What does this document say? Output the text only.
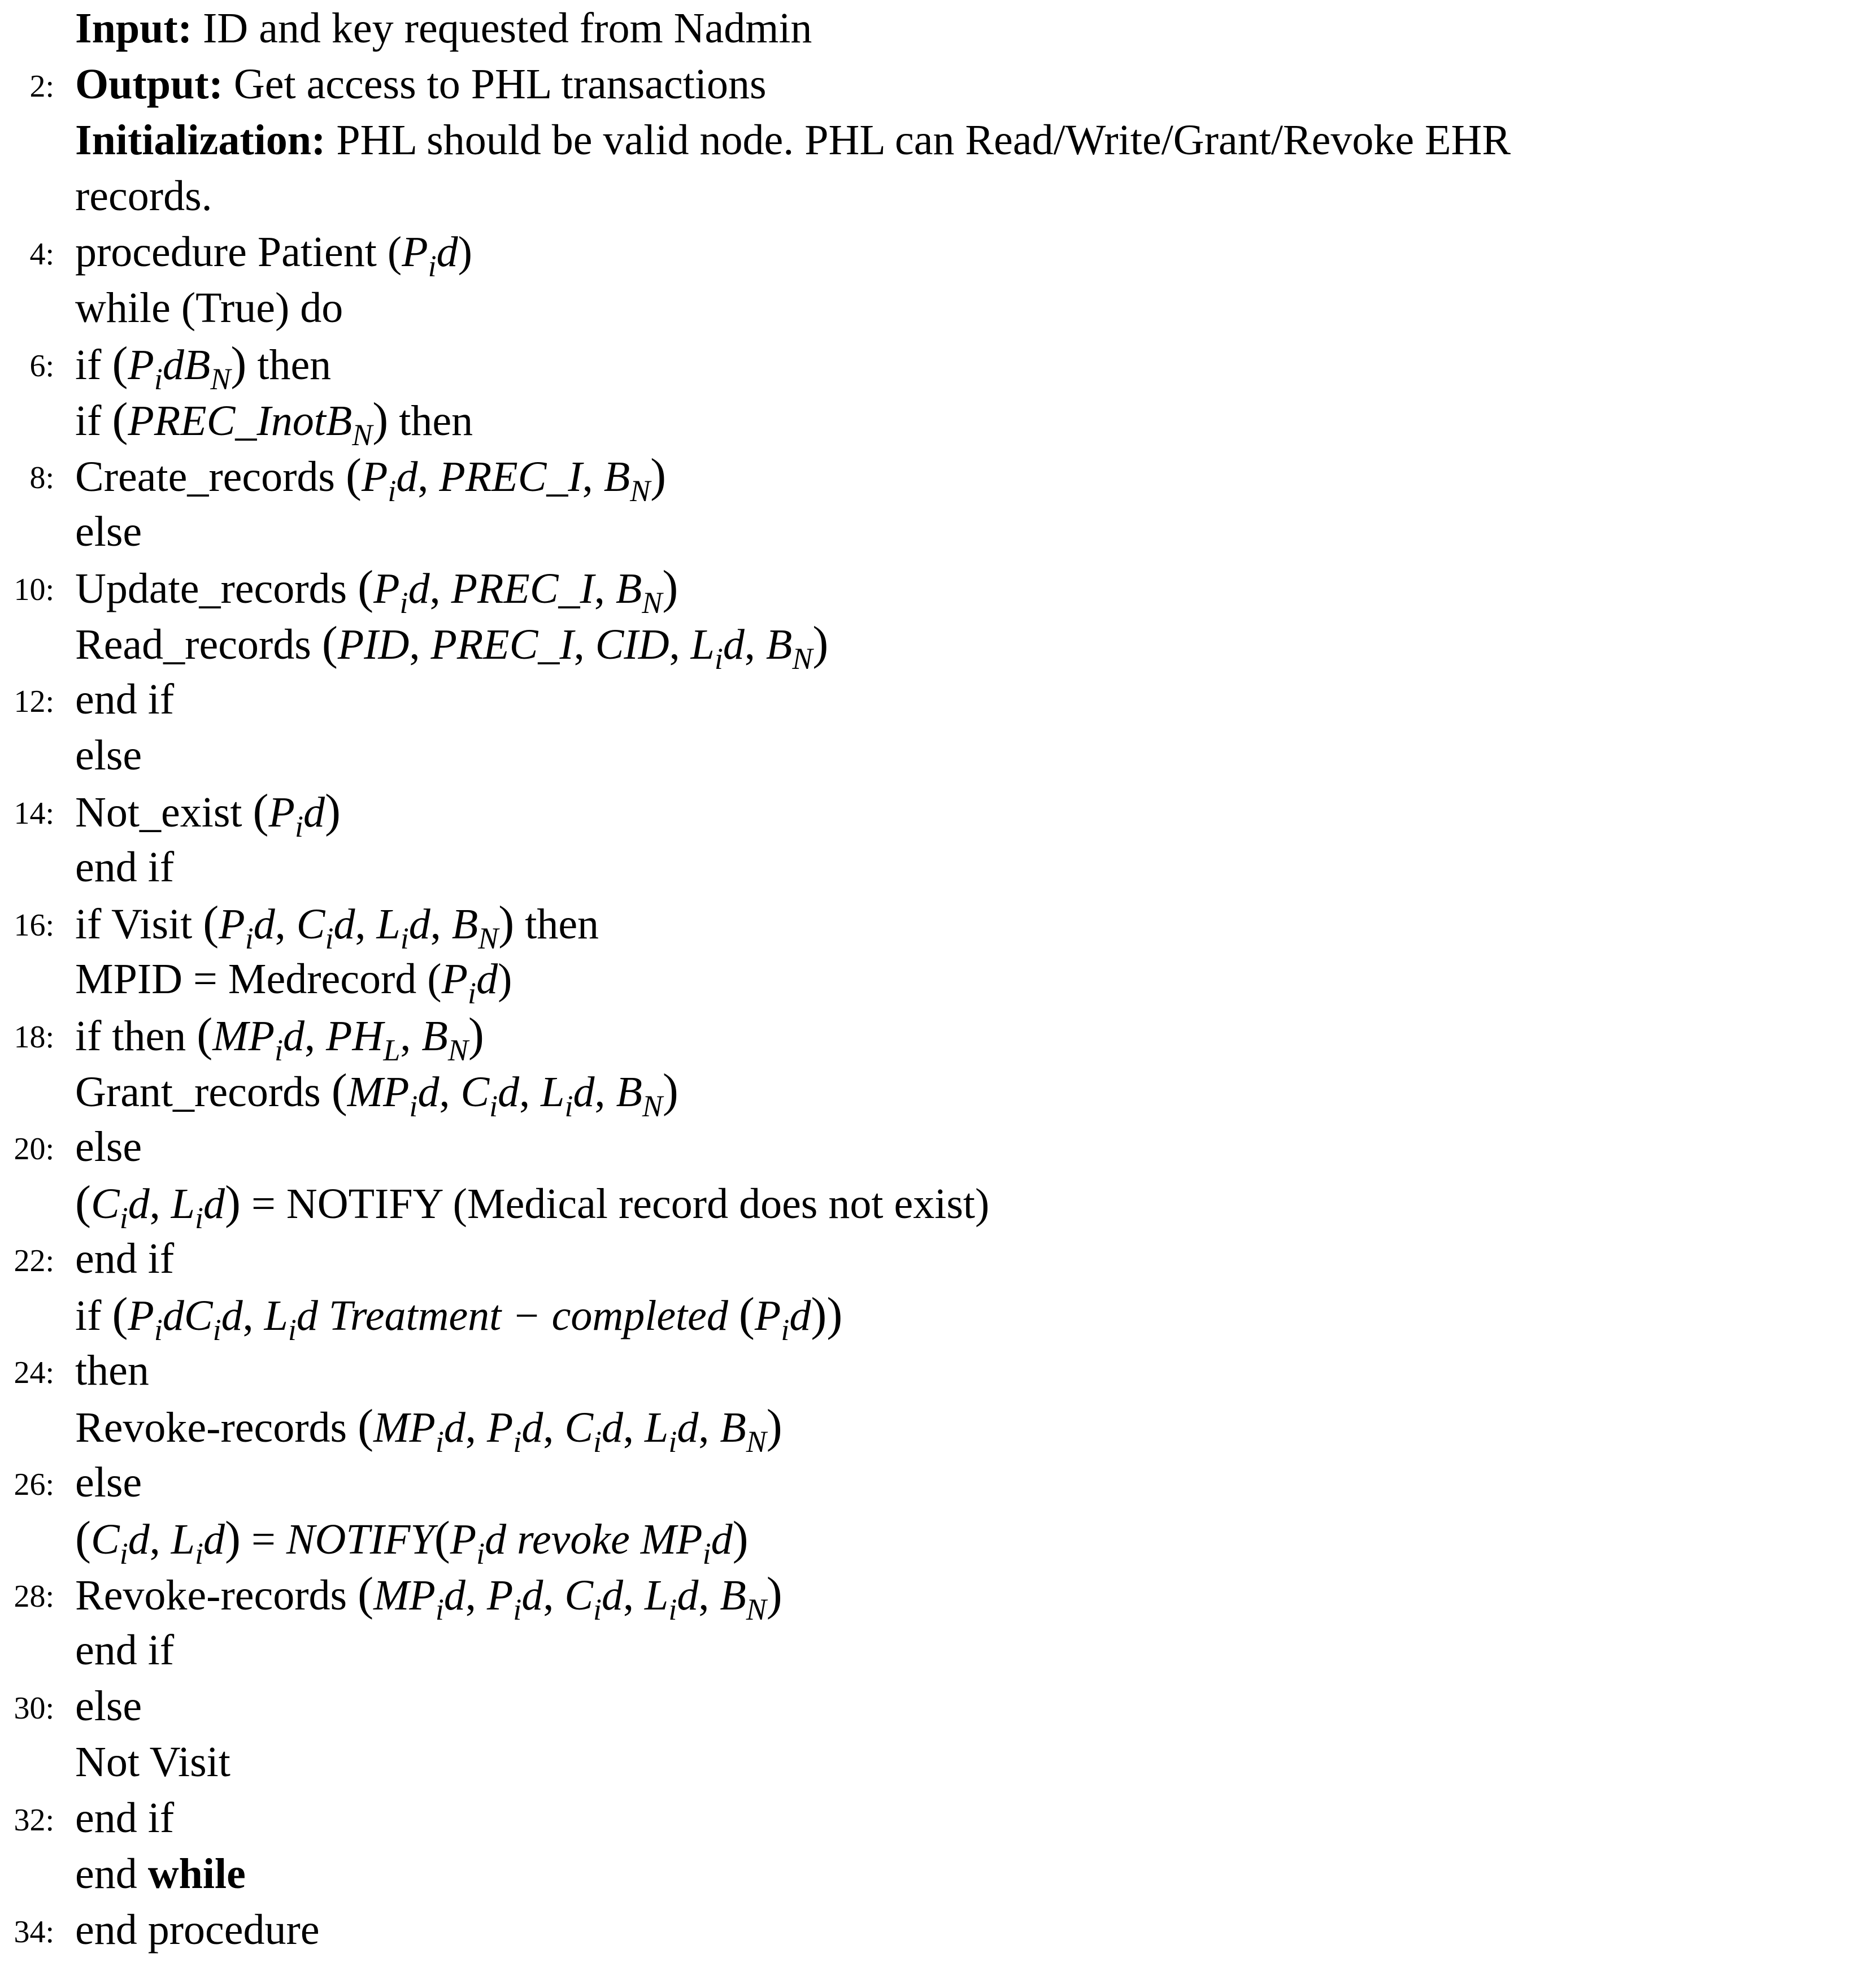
Input: ID and key requested from Nadmin
2: Output: Get access to PHL transactions
Initialization: PHL should be valid node. PHL can Read/Write/Grant/Revoke EHR
records.
4: procedure Patient $(P_id)$
while (True) do
6: if $(P_idB_N)$ then
if (PREC_InotB$_N$) then
8: Create_records ($P_id$, PREC_I, $B_N$)
else
10: Update_records ($P_id$, PREC_I, $B_N$)
Read_records (PID, PREC_I, CID, $L_id$, $B_N$)
12: end if
else
14: Not_exist $(P_id)$
end if
16: if Visit ($P_id$, $C_id$, $L_id$, $B_N$) then
MPID = Medrecord $(P_id)$
18: if then ($MP_id$, $PH_L$, $B_N$)
Grant_records ($MP_id$, $C_id$, $L_id$, $B_N$)
20: else
($C_id$, $L_id$) = NOTIFY (Medical record does not exist)
22: end if
if ($P_idC_id$, $L_id$ Treatment − completed $(P_id)$)
24: then
Revoke-records ($MP_id$, $P_id$, $C_id$, $L_id$, $B_N$)
26: else
($C_id$, $L_id$) = $NOTIFY(P_id$ revoke $MP_id$)
28: Revoke-records ($MP_id$, $P_id$, $C_id$, $L_id$, $B_N$)
end if
30: else
Not Visit
32: end if
end while
34: end procedure
